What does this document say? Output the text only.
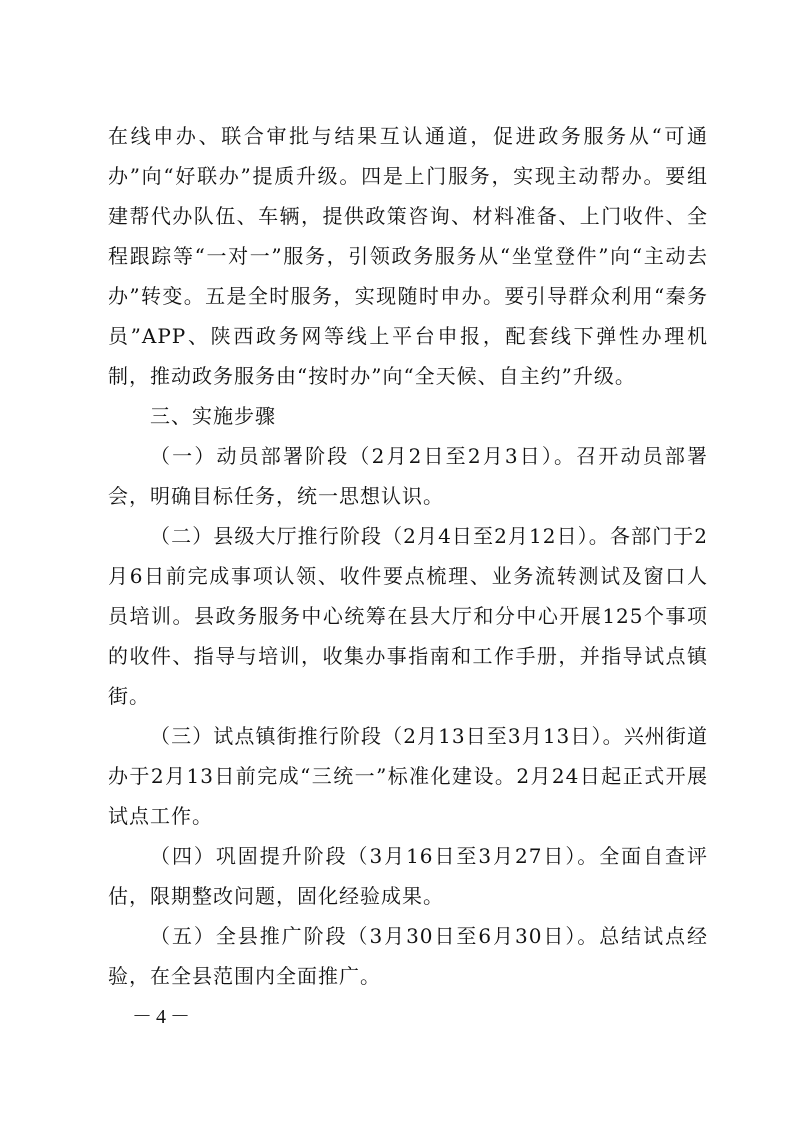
在线申办、联合审批与结果互认通道，促进政务服务从“可通办”向“好联办”提质升级。四是上门服务，实现主动帮办。要组建帮代办队伍、车辆，提供政策咨询、材料准备、上门收件、全程跟踪等“一对一”服务，引领政务服务从“坐堂登件”向“主动去办”转变。五是全时服务，实现随时申办。要引导群众利用“秦务员”APP、陕西政务网等线上平台申报，配套线下弹性办理机制，推动政务服务由“按时办”向“全天候、自主约”升级。

三、实施步骤

（一）动员部署阶段（2月2日至2月3日）。召开动员部署会，明确目标任务，统一思想认识。

（二）县级大厅推行阶段（2月4日至2月12日）。各部门于2月6日前完成事项认领、收件要点梳理、业务流转测试及窗口人员培训。县政务服务中心统筹在县大厅和分中心开展125个事项的收件、指导与培训，收集办事指南和工作手册，并指导试点镇街。

（三）试点镇街推行阶段（2月13日至3月13日）。兴州街道办于2月13日前完成“三统一”标准化建设。2月24日起正式开展试点工作。

（四）巩固提升阶段（3月16日至3月27日）。全面自查评估，限期整改问题，固化经验成果。

（五）全县推广阶段（3月30日至6月30日）。总结试点经验，在全县范围内全面推广。

－4－
